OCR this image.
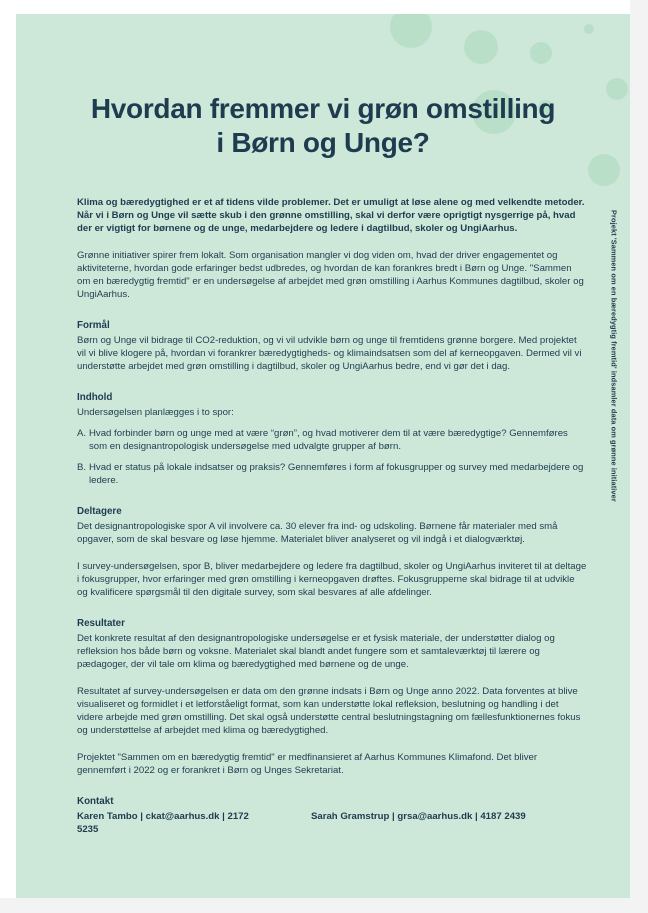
Hvordan fremmer vi grøn omstilling
i Børn og Unge?

Klima og bæredygtighed er et af tidens vilde problemer. Det er umuligt at løse alene og med velkendte metoder. Når vi i Børn og Unge vil sætte skub i den grønne omstilling, skal vi derfor være oprigtigt nysgerrige på, hvad der er vigtigt for børnene og de unge, medarbejdere og ledere i dagtilbud, skoler og UngiAarhus.

Grønne initiativer spirer frem lokalt. Som organisation mangler vi dog viden om, hvad der driver engagementet og aktiviteterne, hvordan gode erfaringer bedst udbredes, og hvordan de kan forankres bredt i Børn og Unge. "Sammen om en bæredygtig fremtid" er en undersøgelse af arbejdet med grøn omstilling i Aarhus Kommunes dagtilbud, skoler og UngiAarhus.

Formål

Børn og Unge vil bidrage til CO2-reduktion, og vi vil udvikle børn og unge til fremtidens grønne borgere. Med projektet vil vi blive klogere på, hvordan vi forankrer bæredygtigheds- og klimaindsatsen som del af kerneopgaven. Dermed vil vi understøtte arbejdet med grøn omstilling i dagtilbud, skoler og UngiAarhus bedre, end vi gør det i dag.

Indhold

Undersøgelsen planlægges i to spor:

A. Hvad forbinder børn og unge med at være “grøn”, og hvad motiverer dem til at være bæredygtige? Gennemføres som en designantropologisk undersøgelse med udvalgte grupper af børn.
B. Hvad er status på lokale indsatser og praksis? Gennemføres i form af fokusgrupper og survey med medarbejdere og ledere.

Deltagere

Det designantropologiske spor A vil involvere ca. 30 elever fra ind- og udskoling. Børnene får materialer med små opgaver, som de skal besvare og løse hjemme. Materialet bliver analyseret og vil indgå i et dialogværktøj.

I survey-undersøgelsen, spor B, bliver medarbejdere og ledere fra dagtilbud, skoler og UngiAarhus inviteret til at deltage i fokusgrupper, hvor erfaringer med grøn omstilling i kerneopgaven drøftes. Fokusgrupperne skal bidrage til at udvikle og kvalificere spørgsmål til den digitale survey, som skal besvares af alle afdelinger.

Resultater

Det konkrete resultat af den designantropologiske undersøgelse er et fysisk materiale, der understøtter dialog og refleksion hos både børn og voksne. Materialet skal blandt andet fungere som et samtaleværktøj til lærere og pædagoger, der vil tale om klima og bæredygtighed med børnene og de unge.

Resultatet af survey-undersøgelsen er data om den grønne indsats i Børn og Unge anno 2022. Data forventes at blive visualiseret og formidlet i et letforståeligt format, som kan understøtte lokal refleksion, beslutning og handling i det videre arbejde med grøn omstilling. Det skal også understøtte central beslutningstagning om fællesfunktionernes fokus og understøttelse af arbejdet med klima og bæredygtighed.

Projektet "Sammen om en bæredygtig fremtid" er medfinansieret af Aarhus Kommunes Klimafond. Det bliver gennemført i 2022 og er forankret i Børn og Unges Sekretariat.

Kontakt

Karen Tambo | ckat@aarhus.dk | 2172 5235
Sarah Gramstrup | grsa@aarhus.dk | 4187 2439
Projekt 'Sammen om en bæredygtig fremtid' indsamler data om grønne initiativer
